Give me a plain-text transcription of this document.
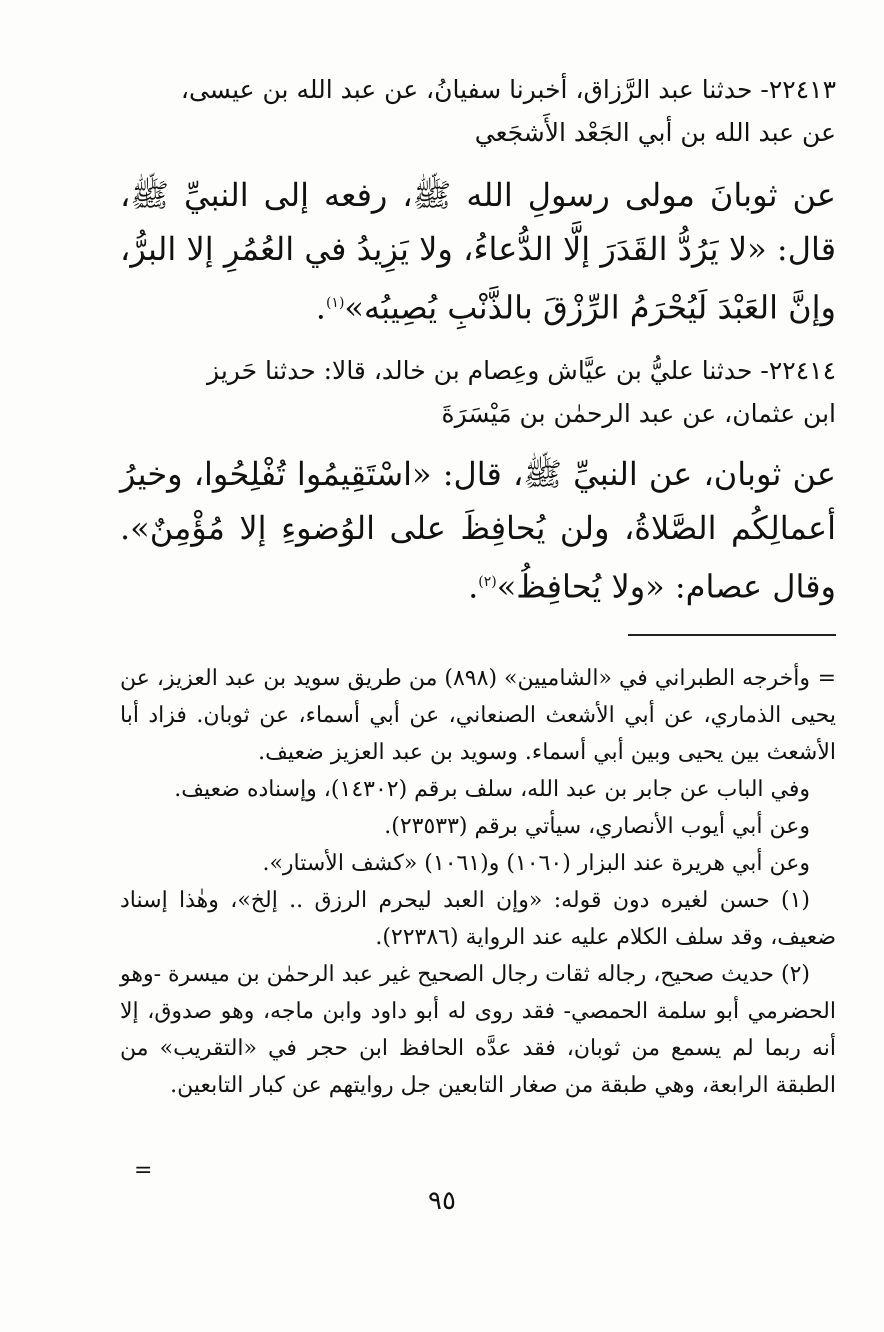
٢٢٤١٣- حدثنا عبد الرَّزاق، أخبرنا سفيانُ، عن عبد الله بن عيسى،
عن عبد الله بن أبي الجَعْد الأَشجَعي

عن ثوبانَ مولى رسولِ الله ﷺ، رفعه إلى النبيِّ ﷺ، قال: «لا يَرُدُّ القَدَرَ إلَّا الدُّعاءُ، ولا يَزِيدُ في العُمُرِ إلا البرُّ، وإنَّ العَبْدَ لَيُحْرَمُ الرِّزْقَ بالذَّنْبِ يُصِيبُه»$^{(١)}$.

٢٢٤١٤- حدثنا عليُّ بن عيَّاش وعِصام بن خالد، قالا: حدثنا حَريز
ابن عثمان، عن عبد الرحمٰن بن مَيْسَرَةَ

عن ثوبان، عن النبيِّ ﷺ، قال: «اسْتَقِيمُوا تُفْلِحُوا، وخيرُ أعمالِكُم الصَّلاةُ، ولن يُحافِظَ على الوُضوءِ إلا مُؤْمِنٌ». وقال عصام: «ولا يُحافِظُ»$^{(٢)}$.

=وأخرجه الطبراني في «الشاميين» (٨٩٨) من طريق سويد بن عبد العزيز، عن يحيى الذماري، عن أبي الأشعث الصنعاني، عن أبي أسماء، عن ثوبان. فزاد أبا الأشعث بين يحيى وبين أبي أسماء. وسويد بن عبد العزيز ضعيف.

وفي الباب عن جابر بن عبد الله، سلف برقم (١٤٣٠٢)، وإسناده ضعيف.

وعن أبي أيوب الأنصاري، سيأتي برقم (٢٣٥٣٣).

وعن أبي هريرة عند البزار (١٠٦٠) و(١٠٦١) «كشف الأستار».

(١) حسن لغيره دون قوله: «وإن العبد ليحرم الرزق .. إلخ»، وهٰذا إسناد ضعيف، وقد سلف الكلام عليه عند الرواية (٢٢٣٨٦).

(٢) حديث صحيح، رجاله ثقات رجال الصحيح غير عبد الرحمٰن بن ميسرة -وهو الحضرمي أبو سلمة الحمصي- فقد روى له أبو داود وابن ماجه، وهو صدوق، إلا أنه ربما لم يسمع من ثوبان، فقد عدَّه الحافظ ابن حجر في «التقريب» من الطبقة الرابعة، وهي طبقة من صغار التابعين جل روايتهم عن كبار التابعين.

=
٩٥
